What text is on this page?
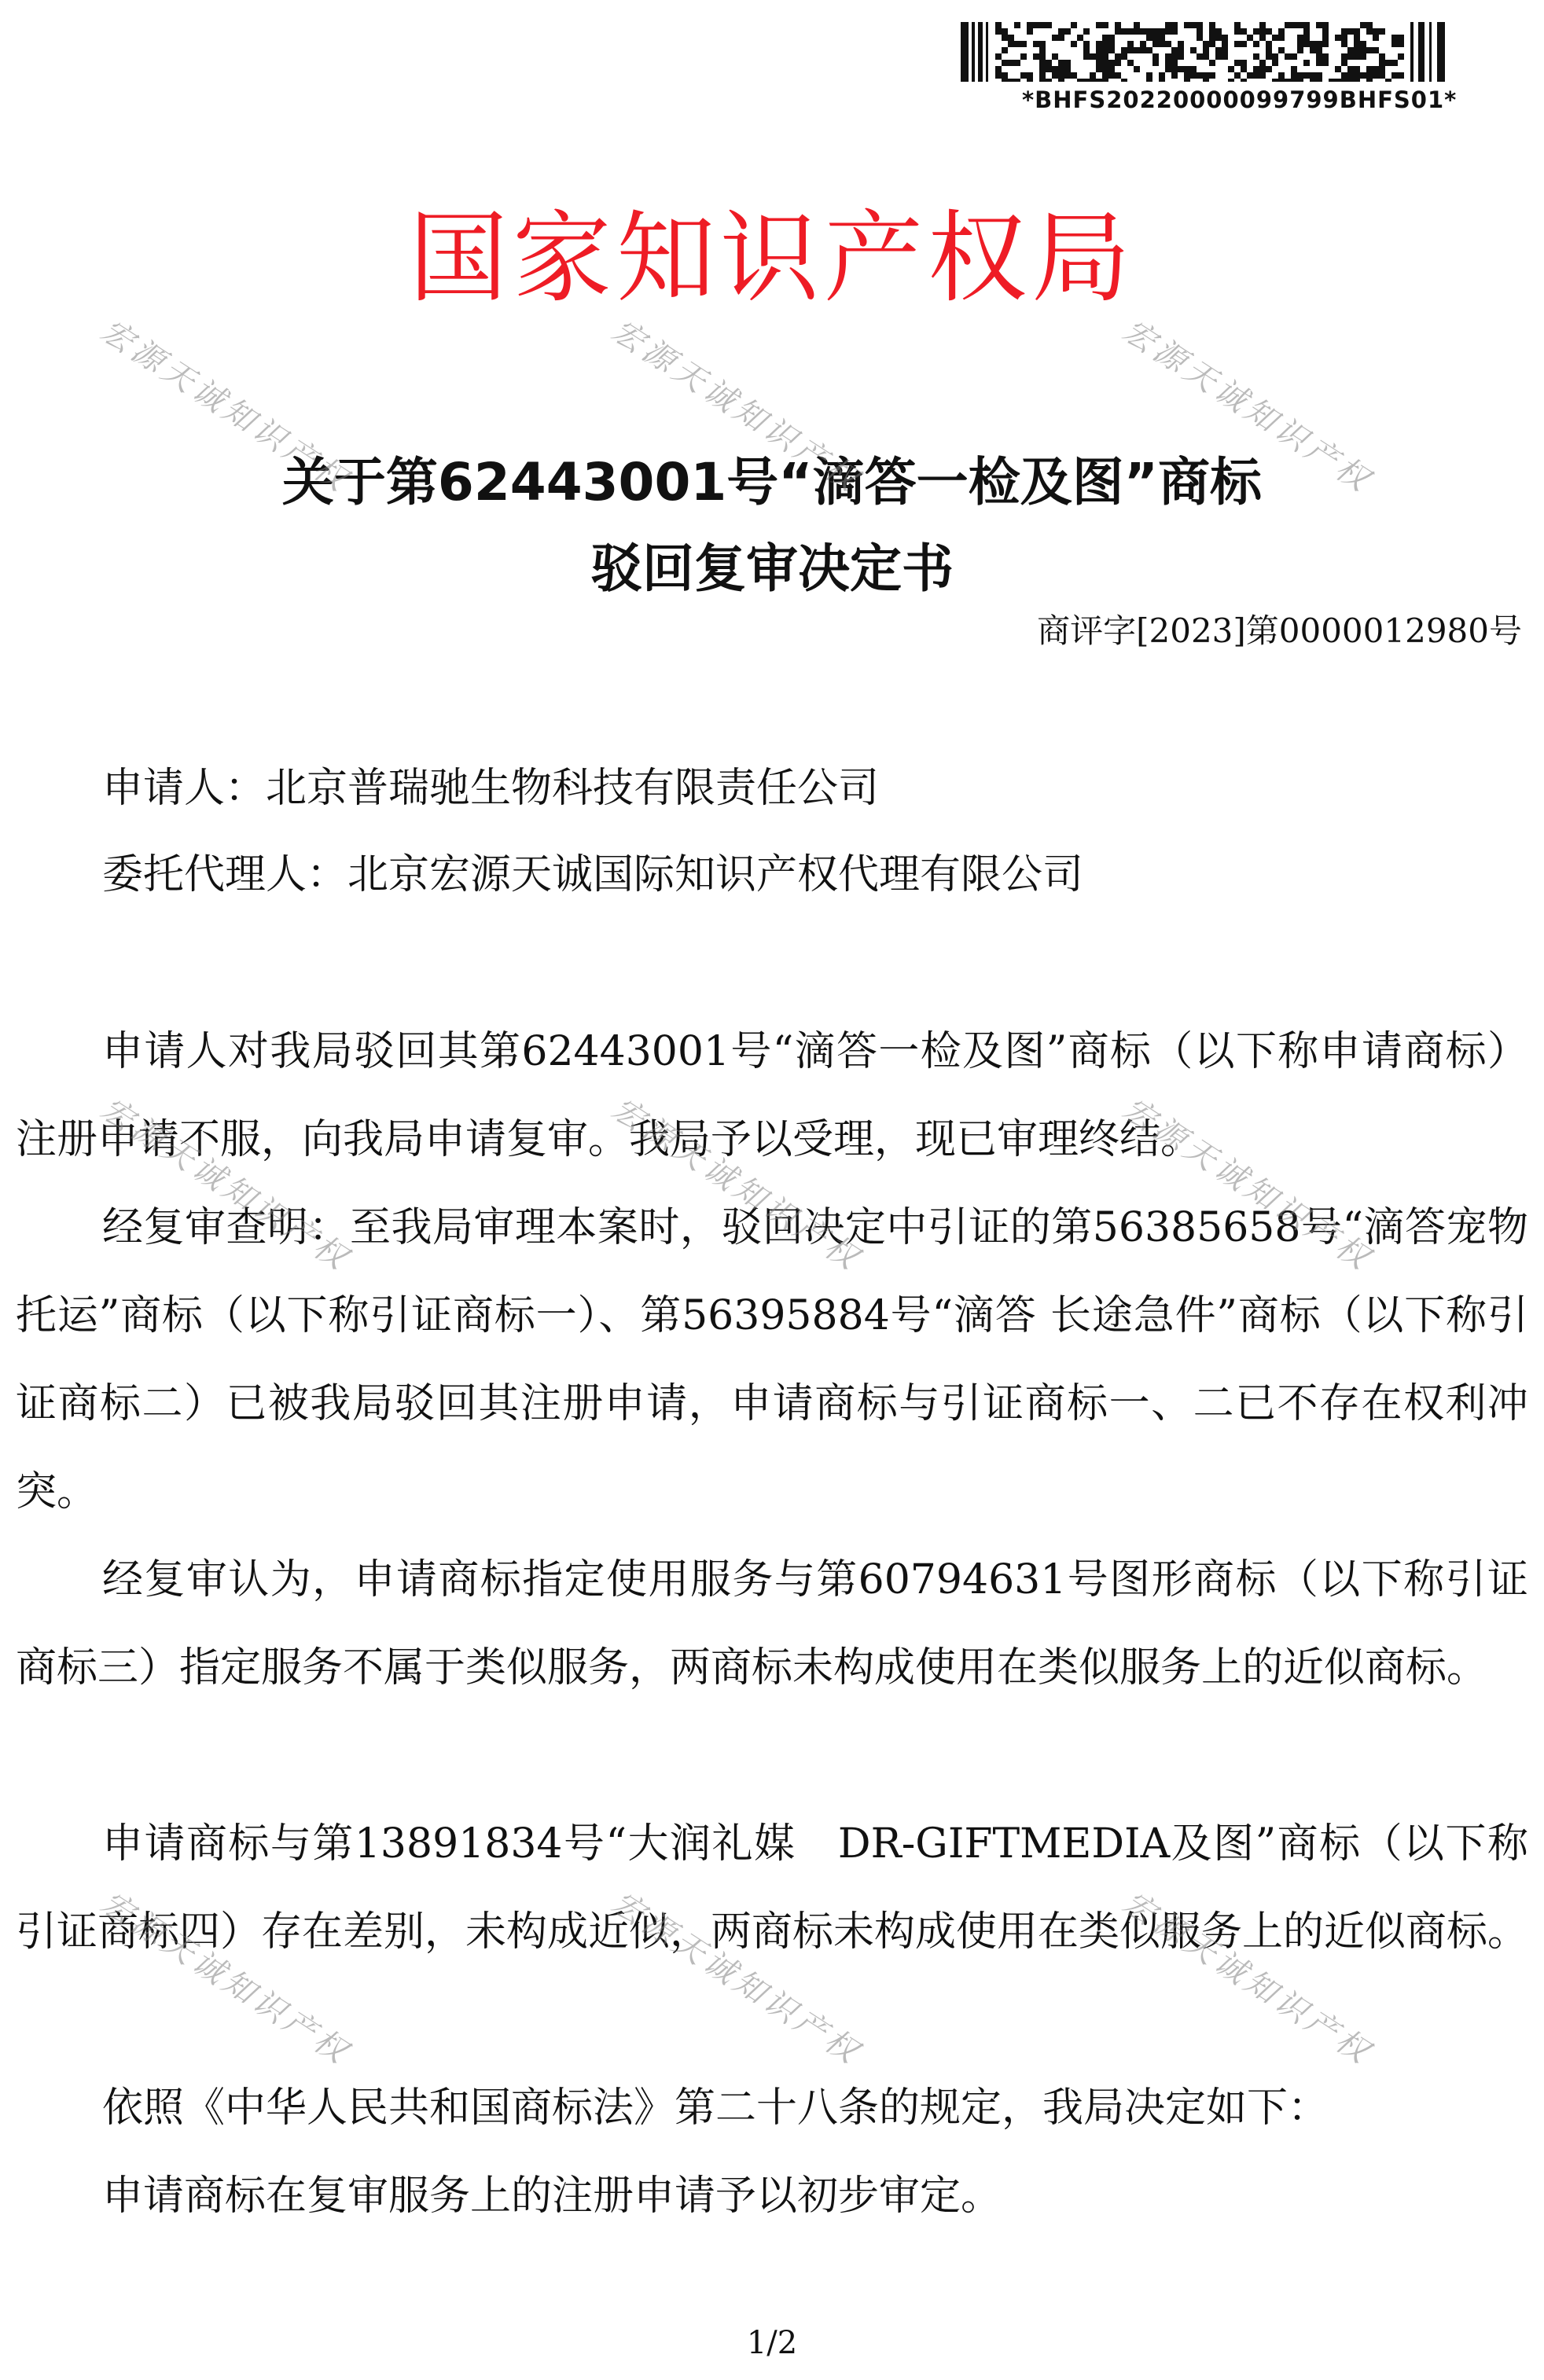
*BHFS20220000099799BHFS01*
国家知识产权局
关于第62443001号“滴答一检及图”商标
驳回复审决定书
商评字[2023]第0000012980号
申请人：北京普瑞驰生物科技有限责任公司
委托代理人：北京宏源天诚国际知识产权代理有限公司
申请人对我局驳回其第62443001号“滴答一检及图”商标（以下称申请商标）注册申请不服，向我局申请复审。我局予以受理，现已审理终结。
经复审查明：至我局审理本案时，驳回决定中引证的第56385658号“滴答宠物托运”商标（以下称引证商标一）、第56395884号“滴答 长途急件”商标（以下称引证商标二）已被我局驳回其注册申请，申请商标与引证商标一、二已不存在权利冲突。
经复审认为，申请商标指定使用服务与第60794631号图形商标（以下称引证商标三）指定服务不属于类似服务，两商标未构成使用在类似服务上的近似商标。
申请商标与第13891834号“大润礼媒　DR-GIFTMEDIA及图”商标（以下称引证商标四）存在差别，未构成近似，两商标未构成使用在类似服务上的近似商标。
依照《中华人民共和国商标法》第二十八条的规定，我局决定如下：
申请商标在复审服务上的注册申请予以初步审定。
1/2
宏源天诚知识产权	宏源天诚知识产权	宏源天诚知识产权
宏源天诚知识产权	宏源天诚知识产权	宏源天诚知识产权
宏源天诚知识产权	宏源天诚知识产权	宏源天诚知识产权
